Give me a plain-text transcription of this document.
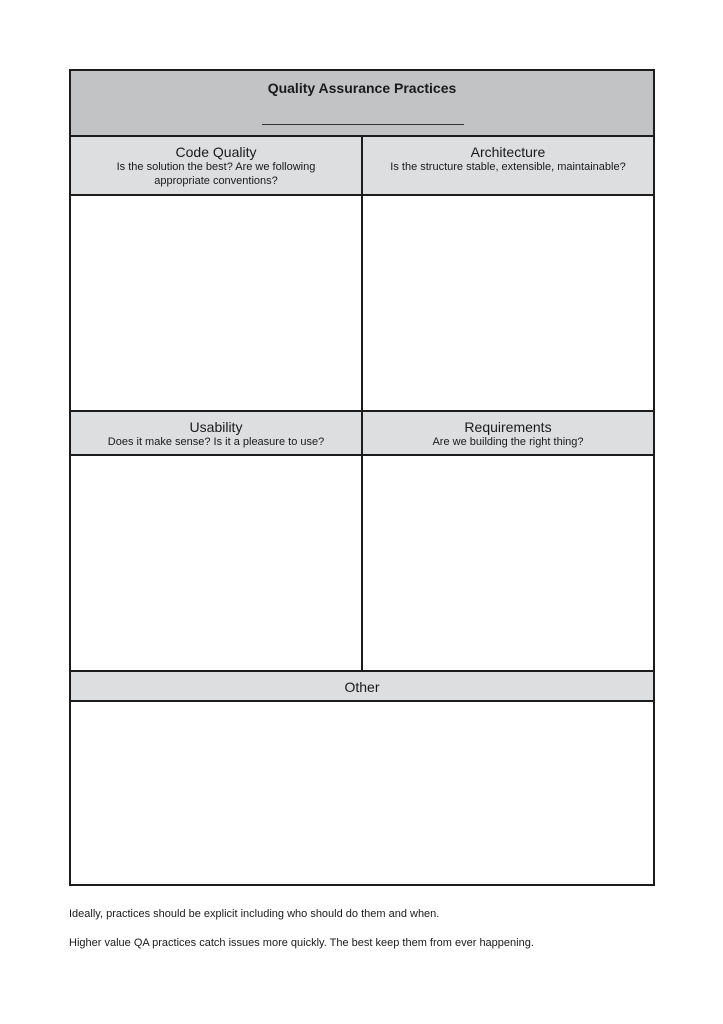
Quality Assurance Practices
Code Quality
Is the solution the best? Are we following appropriate conventions?
Architecture
Is the structure stable, extensible, maintainable?
Usability
Does it make sense? Is it a pleasure to use?
Requirements
Are we building the right thing?
Other
Ideally, practices should be explicit including who should do them and when.
Higher value QA practices catch issues more quickly. The best keep them from ever happening.
